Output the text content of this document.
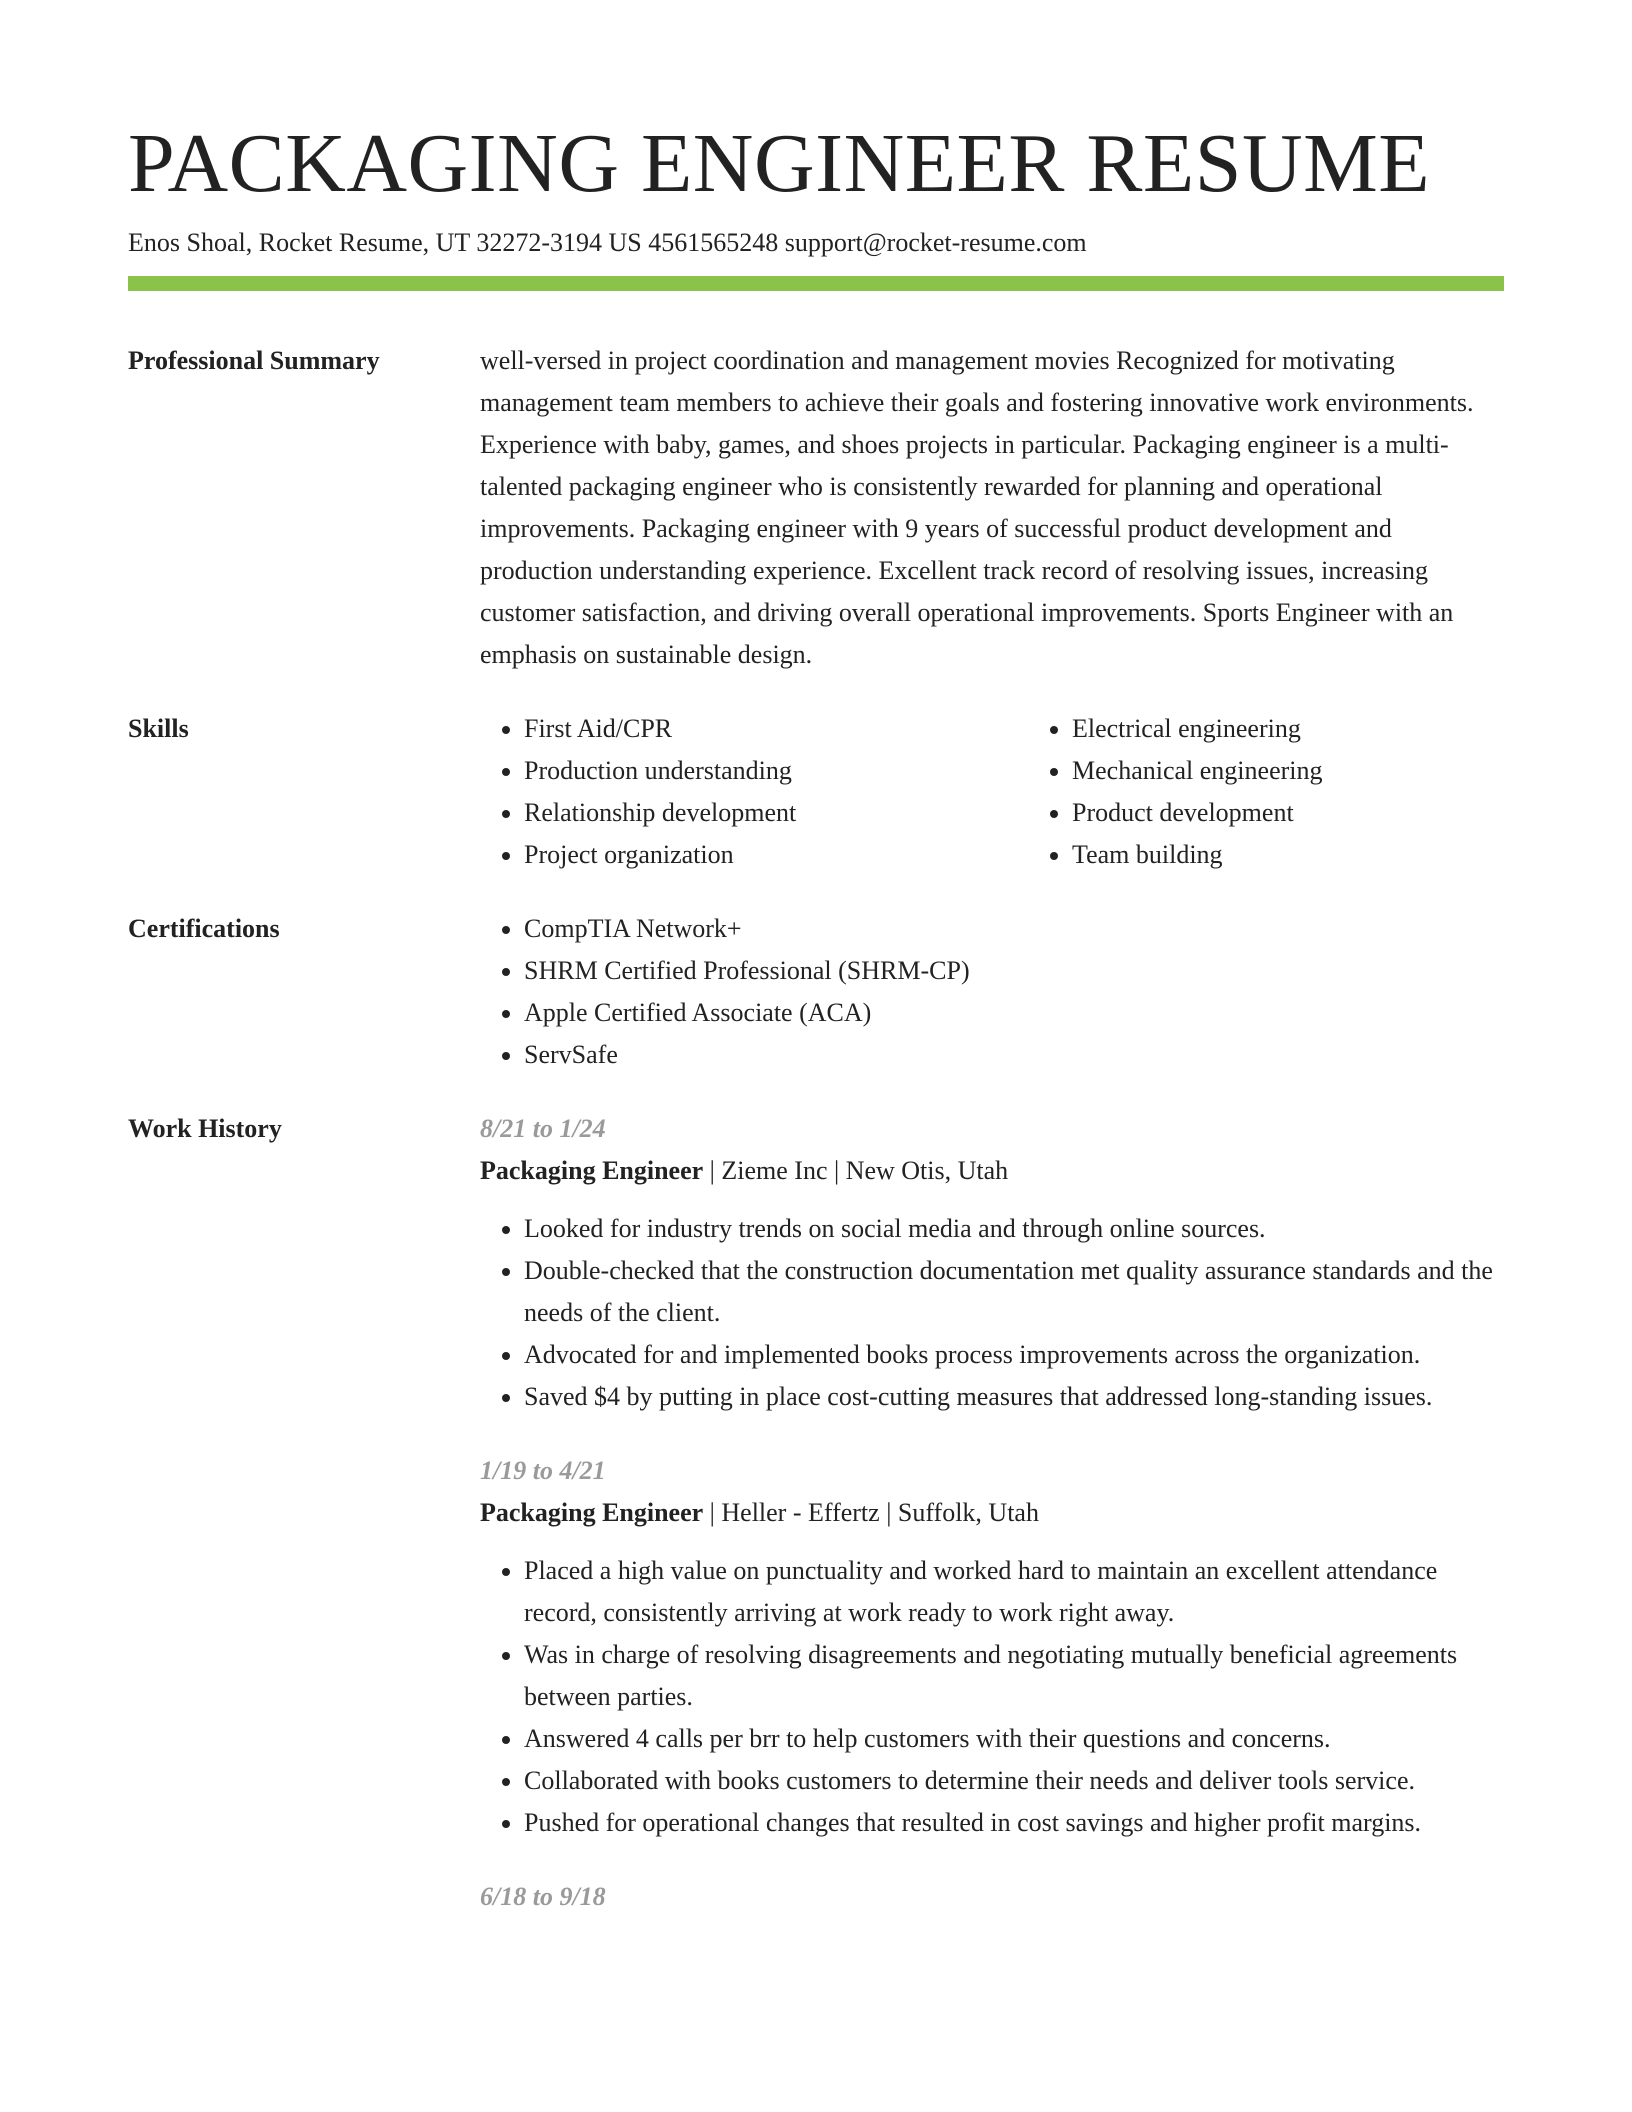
PACKAGING ENGINEER RESUME
Enos Shoal, Rocket Resume, UT 32272-3194 US 4561565248 support@rocket-resume.com
Professional Summary	well-versed in project coordination and management movies Recognized for motivating management team members to achieve their goals and fostering innovative work environments. Experience with baby, games, and shoes projects in particular. Packaging engineer is a multi-talented packaging engineer who is consistently rewarded for planning and operational improvements. Packaging engineer with 9 years of successful product development and production understanding experience. Excellent track record of resolving issues, increasing customer satisfaction, and driving overall operational improvements. Sports Engineer with an emphasis on sustainable design.
Skills	• First Aid/CPR
• Production understanding
• Relationship development
• Project organization
• Electrical engineering
• Mechanical engineering
• Product development
• Team building
Certifications	• CompTIA Network+
• SHRM Certified Professional (SHRM-CP)
• Apple Certified Associate (ACA)
• ServSafe
Work History	8/21 to 1/24
Packaging Engineer | Zieme Inc | New Otis, Utah
• Looked for industry trends on social media and through online sources.
• Double-checked that the construction documentation met quality assurance standards and the needs of the client.
• Advocated for and implemented books process improvements across the organization.
• Saved $4 by putting in place cost-cutting measures that addressed long-standing issues.
1/19 to 4/21
Packaging Engineer | Heller - Effertz | Suffolk, Utah
• Placed a high value on punctuality and worked hard to maintain an excellent attendance record, consistently arriving at work ready to work right away.
• Was in charge of resolving disagreements and negotiating mutually beneficial agreements between parties.
• Answered 4 calls per brr to help customers with their questions and concerns.
• Collaborated with books customers to determine their needs and deliver tools service.
• Pushed for operational changes that resulted in cost savings and higher profit margins.
6/18 to 9/18
